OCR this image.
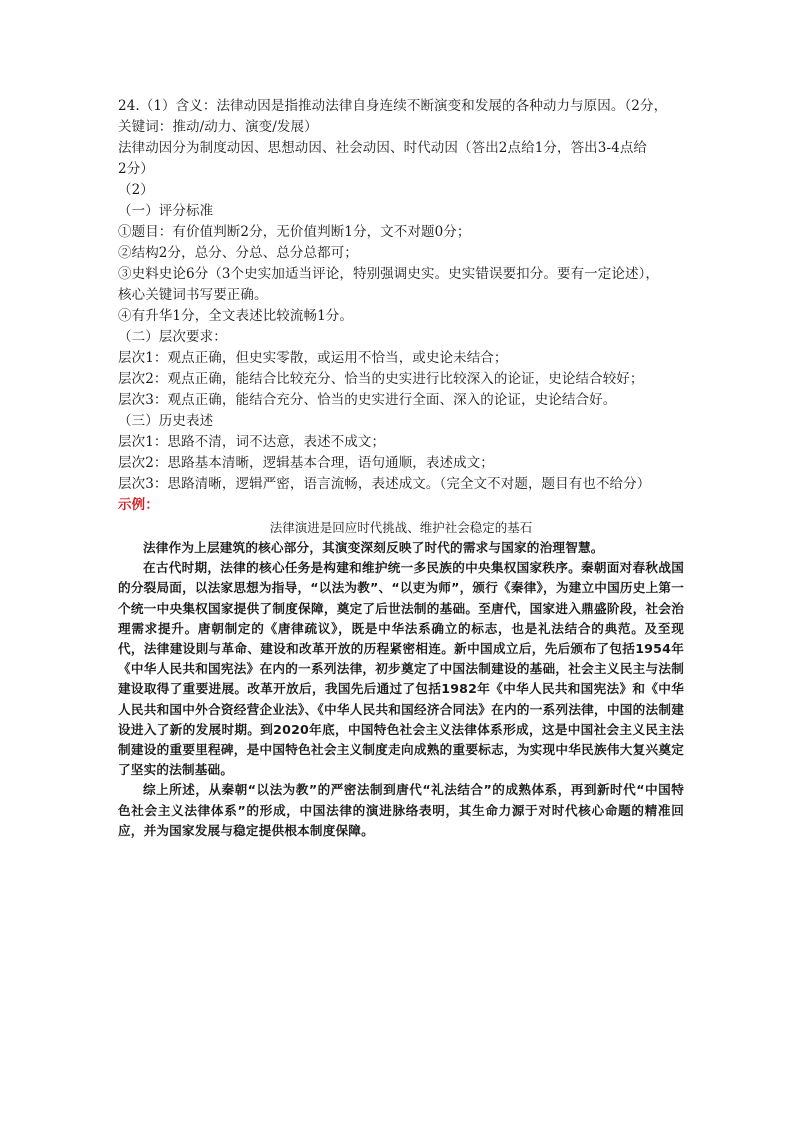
24.（1）含义：法律动因是指推动法律自身连续不断演变和发展的各种动力与原因。（2分，
关键词：推动/动力、演变/发展）
法律动因分为制度动因、思想动因、社会动因、时代动因（答出2点给1分，答出3-4点给
2分）
（2）
（一）评分标准
①题目：有价值判断2分，无价值判断1分，文不对题0分；
②结构2分，总分、分总、总分总都可；
③史料史论6分（3个史实加适当评论，特别强调史实。史实错误要扣分。要有一定论述），
核心关键词书写要正确。
④有升华1分，全文表述比较流畅1分。
（二）层次要求：
层次1：观点正确，但史实零散，或运用不恰当，或史论未结合；
层次2：观点正确，能结合比较充分、恰当的史实进行比较深入的论证，史论结合较好；
层次3：观点正确，能结合充分、恰当的史实进行全面、深入的论证，史论结合好。
（三）历史表述
层次1：思路不清，词不达意，表述不成文；
层次2：思路基本清晰，逻辑基本合理，语句通顺，表述成文；
层次3：思路清晰，逻辑严密，语言流畅，表述成文。（完全文不对题，题目有也不给分）
示例：
法律演进是回应时代挑战、维护社会稳定的基石

法律作为上层建筑的核心部分，其演变深刻反映了时代的需求与国家的治理智慧。

在古代时期，法律的核心任务是构建和维护统一多民族的中央集权国家秩序。秦朝面对春秋战国的分裂局面，以法家思想为指导，“以法为教”、“以吏为师”，颁行《秦律》，为建立中国历史上第一个统一中央集权国家提供了制度保障，奠定了后世法制的基础。至唐代，国家进入鼎盛阶段，社会治理需求提升。唐朝制定的《唐律疏议》，既是中华法系确立的标志，也是礼法结合的典范。及至现代，法律建设則与革命、建设和改革开放的历程紧密相连。新中国成立后，先后颁布了包括1954年《中华人民共和国宪法》在内的一系列法律，初步奠定了中国法制建设的基础，社会主义民主与法制建设取得了重要进展。改革开放后，我国先后通过了包括1982年《中华人民共和国宪法》和《中华人民共和国中外合资经营企业法》、《中华人民共和国经济合同法》在内的一系列法律，中国的法制建设进入了新的发展时期。到2020年底，中国特色社会主义法律体系形成，这是中国社会主义民主法制建设的重要里程碑，是中国特色社会主义制度走向成熟的重要标志，为实现中华民族伟大复兴奠定了坚实的法制基础。

综上所述，从秦朝“以法为教”的严密法制到唐代“礼法结合”的成熟体系，再到新时代“中国特色社会主义法律体系”的形成，中国法律的演进脉络表明，其生命力源于对时代核心命题的精准回应，并为国家发展与稳定提供根本制度保障。
